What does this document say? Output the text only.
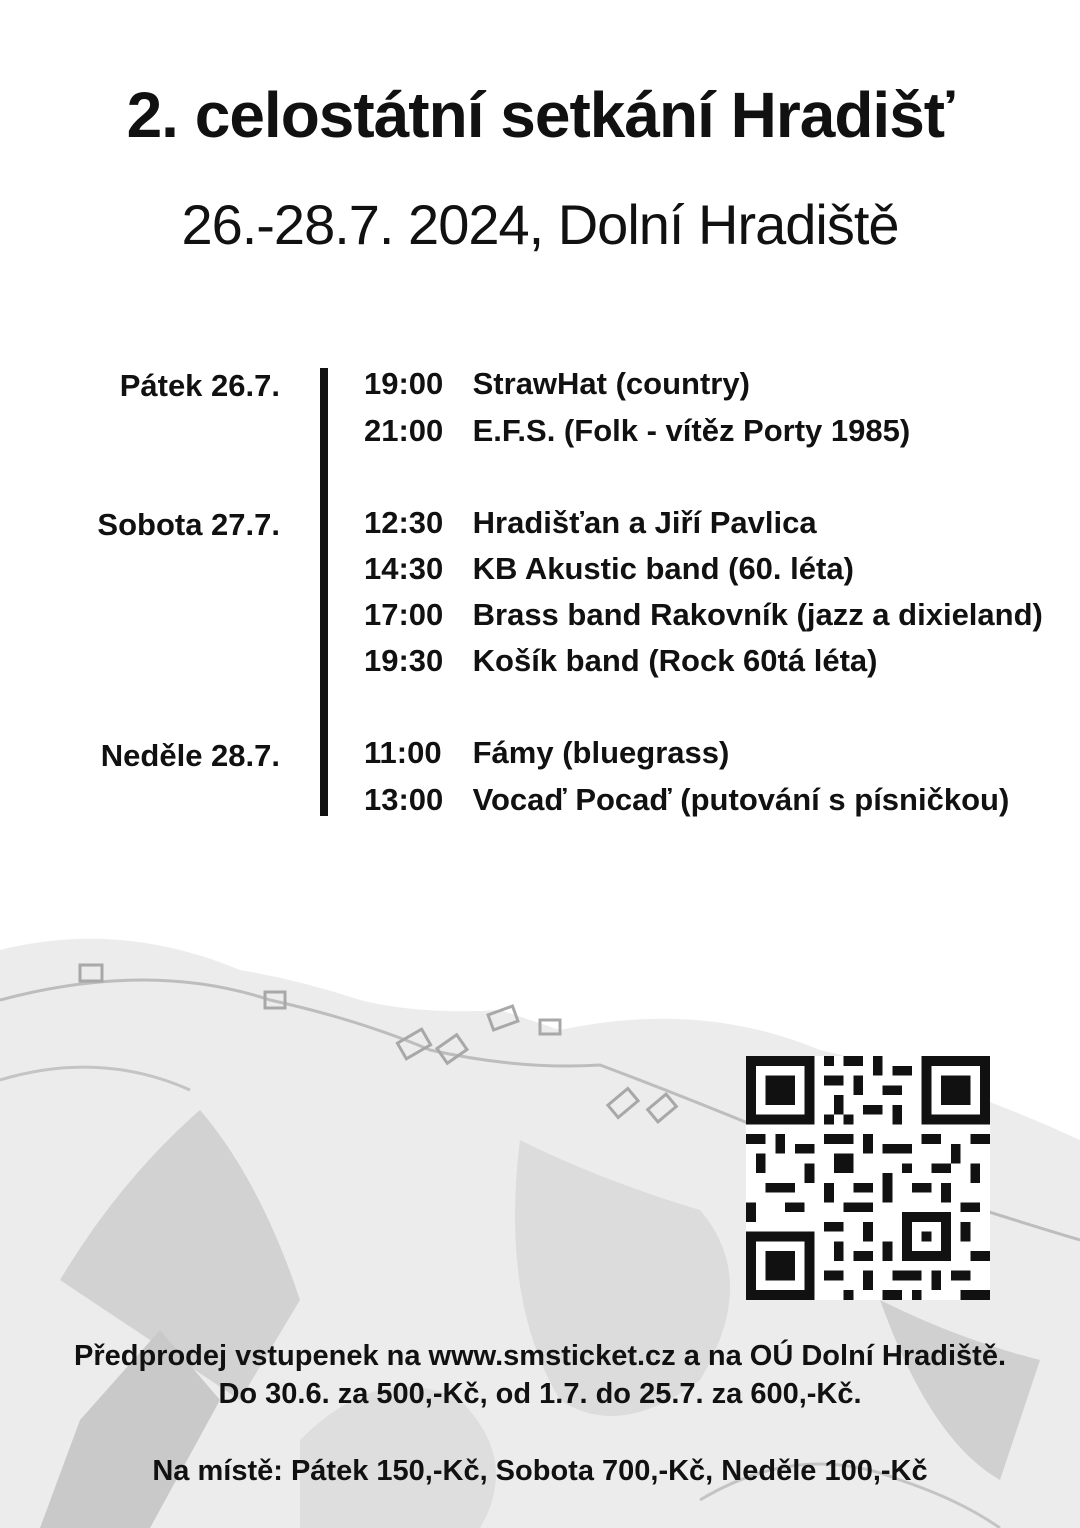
2. celostátní setkání Hradišť
26.-28.7. 2024, Dolní Hradiště
Pátek 26.7.
Sobota 27.7.
Neděle 28.7.
19:00 StrawHat (country)
21:00 E.F.S. (Folk - vítěz Porty 1985)
12:30 Hradišťan a Jiří Pavlica
14:30 KB Akustic band (60. léta)
17:00 Brass band Rakovník (jazz a dixieland)
19:30 Košík band (Rock 60tá léta)
11:00 Fámy (bluegrass)
13:00 Vocaď Pocaď (putování s písničkou)
Předprodej vstupenek na www.smsticket.cz a na OÚ Dolní Hradiště.
Do 30.6. za 500,-Kč, od 1.7. do 25.7. za 600,-Kč.
Na místě: Pátek 150,-Kč, Sobota 700,-Kč, Neděle 100,-Kč
